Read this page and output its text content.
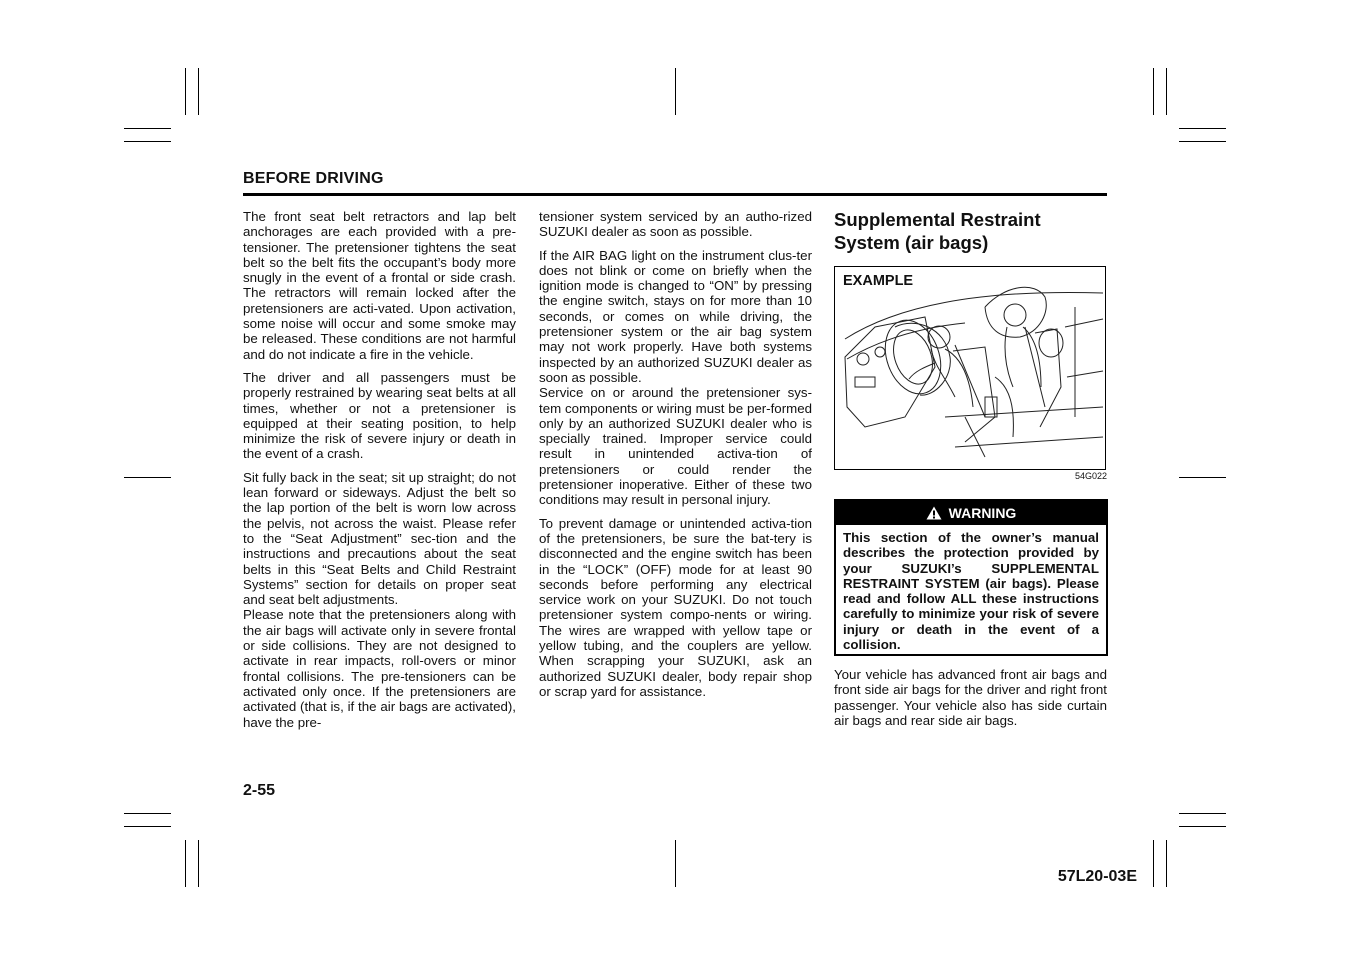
BEFORE DRIVING

The front seat belt retractors and lap belt anchorages are each provided with a pre-tensioner. The pretensioner tightens the seat belt so the belt fits the occupant’s body more snugly in the event of a frontal or side crash. The retractors will remain locked after the pretensioners are acti-vated. Upon activation, some noise will occur and some smoke may be released. These conditions are not harmful and do not indicate a fire in the vehicle.

The driver and all passengers must be properly restrained by wearing seat belts at all times, whether or not a pretensioner is equipped at their seating position, to help minimize the risk of severe injury or death in the event of a crash.

Sit fully back in the seat; sit up straight; do not lean forward or sideways. Adjust the belt so the lap portion of the belt is worn low across the pelvis, not across the waist. Please refer to the “Seat Adjustment” sec-tion and the instructions and precautions about the seat belts in this “Seat Belts and Child Restraint Systems” section for details on proper seat and seat belt adjustments.

Please note that the pretensioners along with the air bags will activate only in severe frontal or side collisions. They are not designed to activate in rear impacts, roll-overs or minor frontal collisions. The pre-tensioners can be activated only once. If the pretensioners are activated (that is, if the air bags are activated), have the pre-

tensioner system serviced by an autho-rized SUZUKI dealer as soon as possible.

If the AIR BAG light on the instrument clus-ter does not blink or come on briefly when the ignition mode is changed to “ON” by pressing the engine switch, stays on for more than 10 seconds, or comes on while driving, the pretensioner system or the air bag system may not work properly. Have both systems inspected by an authorized SUZUKI dealer as soon as possible.

Service on or around the pretensioner sys-tem components or wiring must be per-formed only by an authorized SUZUKI dealer who is specially trained. Improper service could result in unintended activa-tion of pretensioners or could render the pretensioner inoperative. Either of these two conditions may result in personal injury.

To prevent damage or unintended activa-tion of the pretensioners, be sure the bat-tery is disconnected and the engine switch has been in the “LOCK” (OFF) mode for at least 90 seconds before performing any electrical service work on your SUZUKI. Do not touch pretensioner system compo-nents or wiring. The wires are wrapped with yellow tape or yellow tubing, and the couplers are yellow. When scrapping your SUZUKI, ask an authorized SUZUKI dealer, body repair shop or scrap yard for assistance.

Supplemental Restraint System (air bags)
EXAMPLE
54G022
WARNING
This section of the owner’s manual describes the protection provided by your SUZUKI’s SUPPLEMENTAL RESTRAINT SYSTEM (air bags). Please read and follow ALL these instructions carefully to minimize your risk of severe injury or death in the event of a collision.
Your vehicle has advanced front air bags and front side air bags for the driver and right front passenger. Your vehicle also has side curtain air bags and rear side air bags.
2-55
57L20-03E
